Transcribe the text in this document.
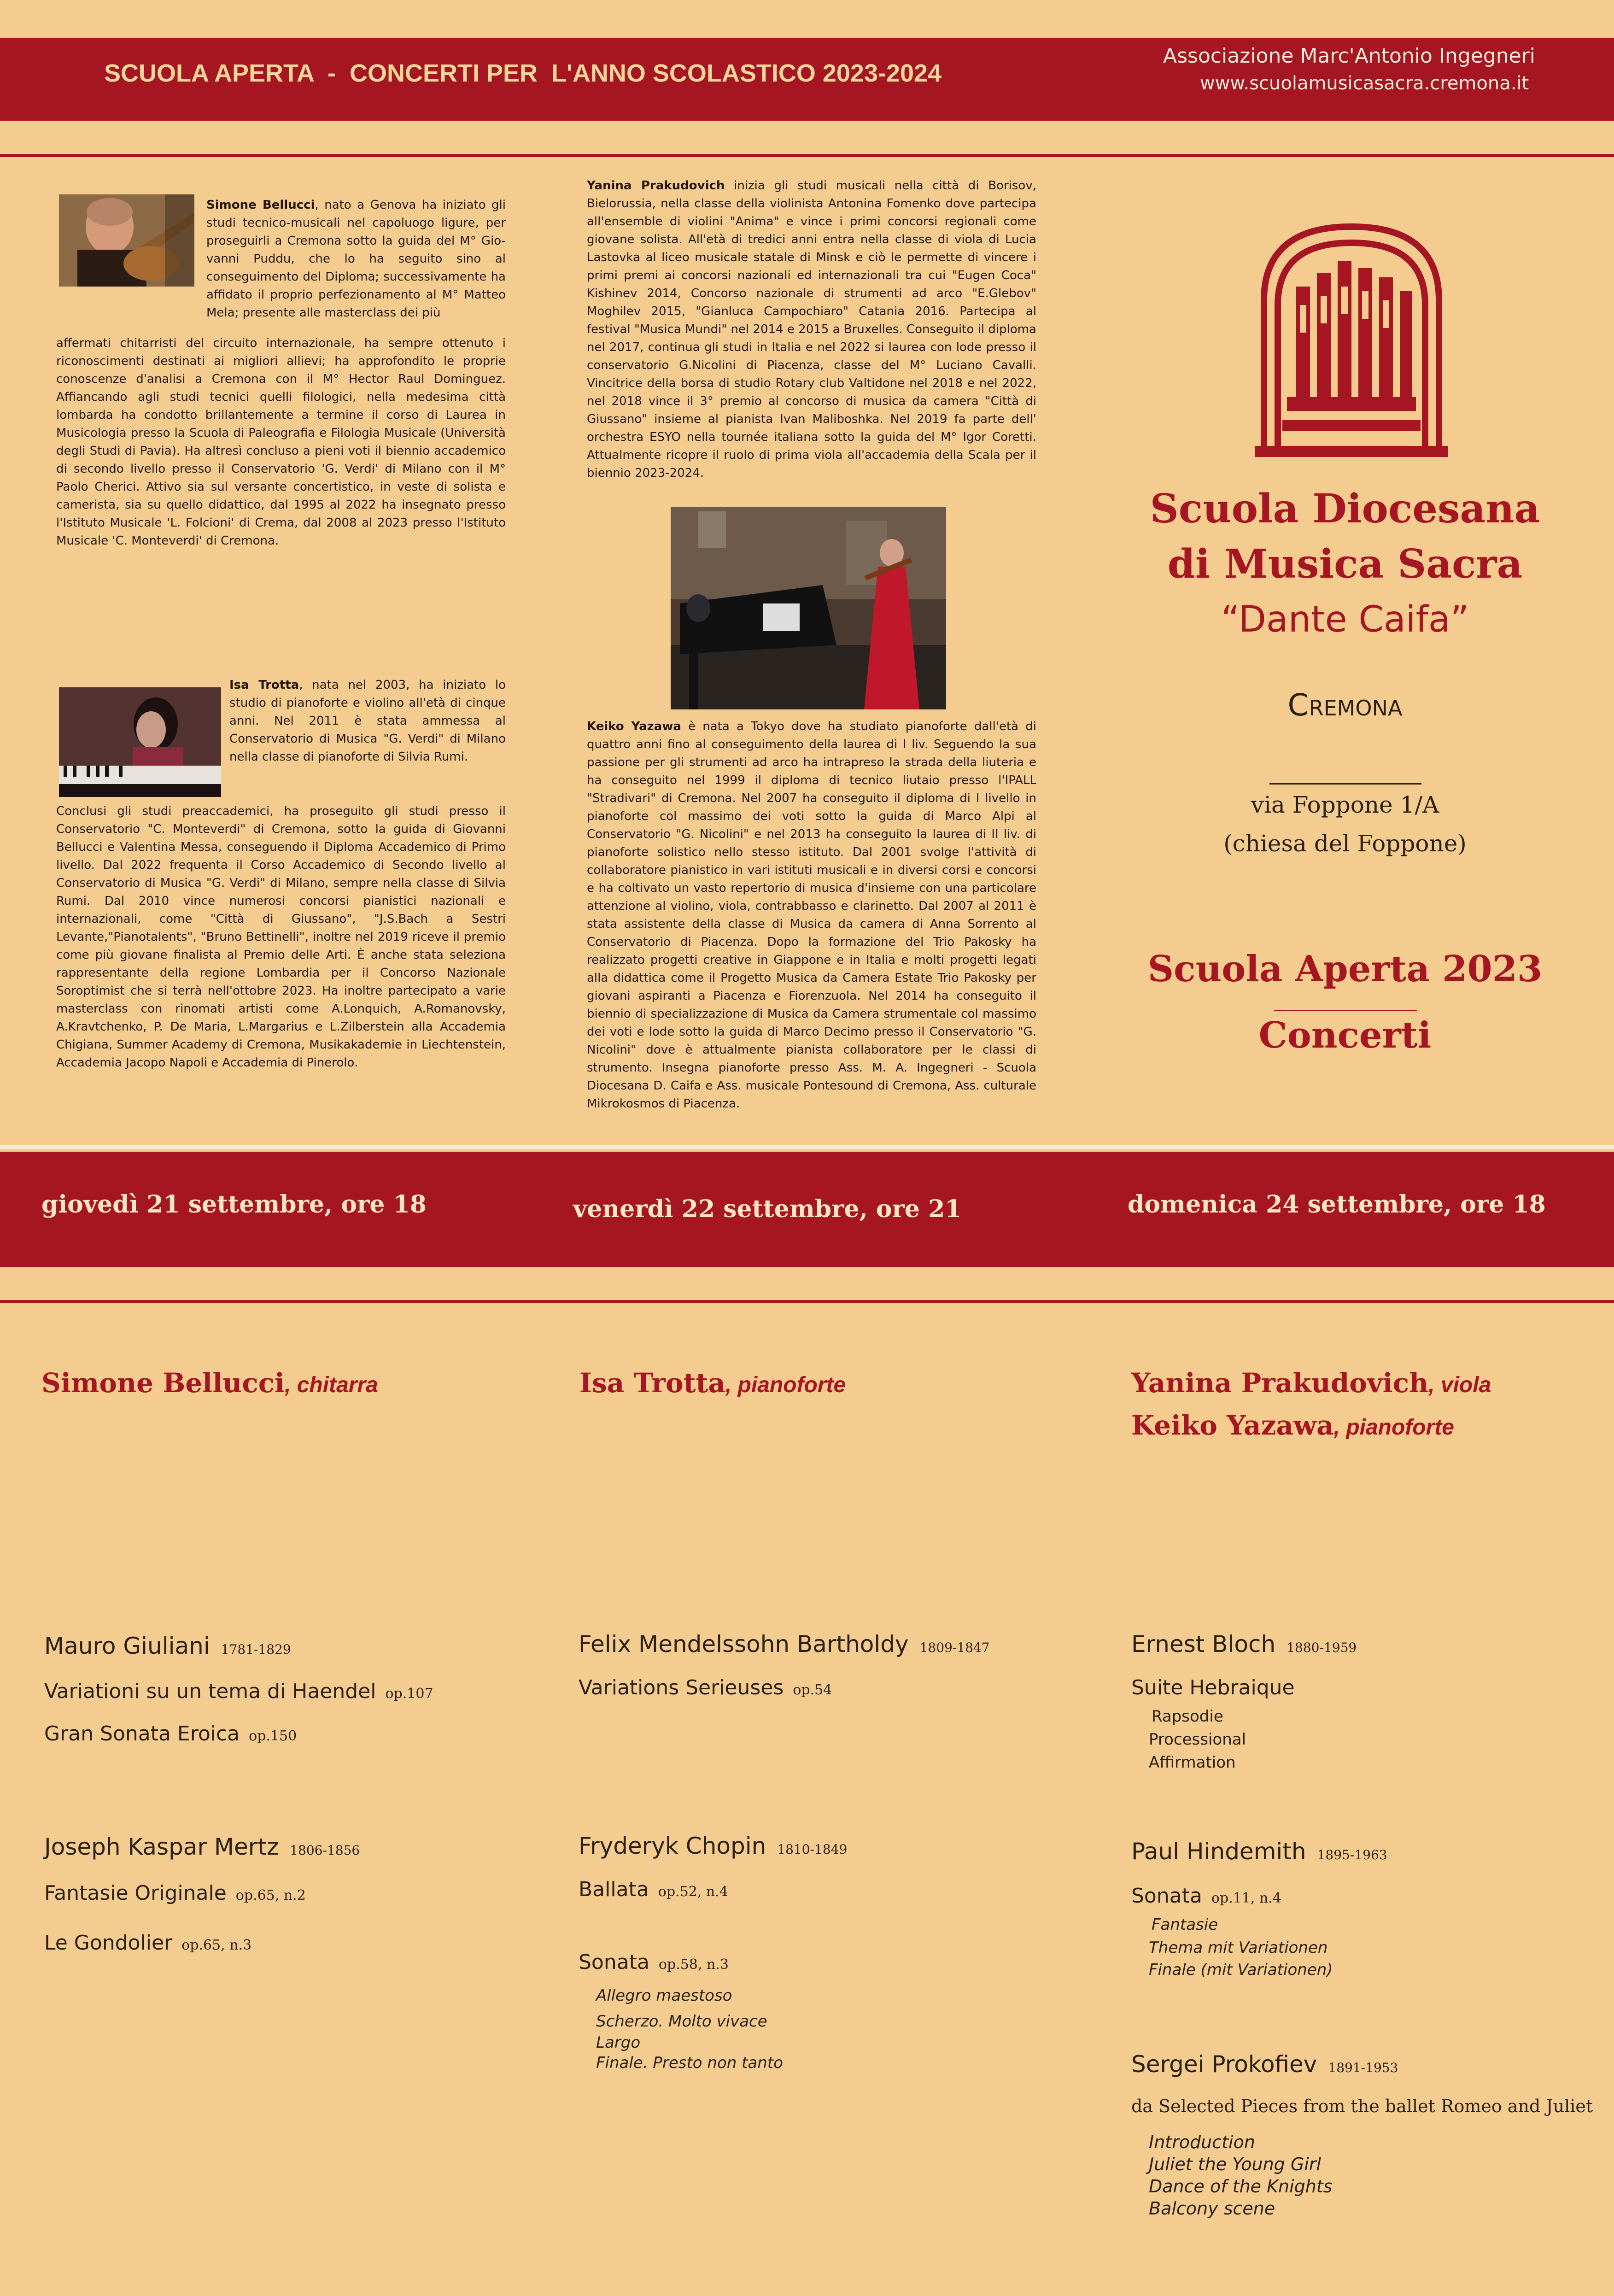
SCUOLA APERTA  -  CONCERTI PER  L'ANNO SCOLASTICO 2023-2024
Associazione Marc'Antonio Ingegneri
www.scuolamusicasacra.cremona.it
Simone Bellucci, nato a Genova ha iniziato gli studi tecnico-musicali nel capoluogo ligure, per proseguirli a Cremona sotto la guida del M° Gio-vanni Puddu, che lo ha seguito sino al conseguimento del Diploma; successivamente ha affidato il proprio perfezionamento al M° Matteo Mela; presente alle masterclass dei più
affermati chitarristi del circuito internazionale, ha sempre ottenuto i riconoscimenti destinati ai migliori allievi; ha approfondito le proprie conoscenze d'analisi a Cremona con il M° Hector Raul Dominguez. Affiancando agli studi tecnici quelli filologici, nella medesima città lombarda ha condotto brillantemente a termine il corso di Laurea in Musicologia presso la Scuola di Paleografia e Filologia Musicale (Università degli Studi di Pavia). Ha altresì concluso a pieni voti il biennio accademico di secondo livello presso il Conservatorio 'G. Verdi' di Milano con il M° Paolo Cherici. Attivo sia sul versante concertistico, in veste di solista e camerista, sia su quello didattico, dal 1995 al 2022 ha insegnato presso l'Istituto Musicale 'L. Folcioni' di Crema, dal 2008 al 2023 presso l'Istituto Musicale 'C. Monteverdi' di Cremona.
Isa Trotta, nata nel 2003, ha iniziato lo studio di pianoforte e violino all'età di cinque anni. Nel 2011 è stata ammessa al Conservatorio di Musica "G. Verdi" di Milano nella classe di pianoforte di Silvia Rumi.
Conclusi gli studi preaccademici, ha proseguito gli studi presso il Conservatorio "C. Monteverdi" di Cremona, sotto la guida di Giovanni Bellucci e Valentina Messa, conseguendo il Diploma Accademico di Primo livello. Dal 2022 frequenta il Corso Accademico di Secondo livello al Conservatorio di Musica "G. Verdi" di Milano, sempre nella classe di Silvia Rumi. Dal 2010 vince numerosi concorsi pianistici nazionali e internazionali, come "Città di Giussano", "J.S.Bach a Sestri Levante,"Pianotalents", "Bruno Bettinelli", inoltre nel 2019 riceve il premio come più giovane finalista al Premio delle Arti. È anche stata seleziona rappresentante della regione Lombardia per il Concorso Nazionale Soroptimist che si terrà nell'ottobre 2023. Ha inoltre partecipato a varie masterclass con rinomati artisti come A.Lonquich, A.Romanovsky, A.Kravtchenko, P. De Maria, L.Margarius e L.Zilberstein alla Accademia Chigiana, Summer Academy di Cremona, Musikakademie in Liechtenstein, Accademia Jacopo Napoli e Accademia di Pinerolo.
Yanina Prakudovich inizia gli studi musicali nella città di Borisov, Bielorussia, nella classe della violinista Antonina Fomenko dove partecipa all'ensemble di violini "Anima" e vince i primi concorsi regionali come giovane solista. All'età di tredici anni entra nella classe di viola di Lucia Lastovka al liceo musicale statale di Minsk e ciò le permette di vincere i primi premi ai concorsi nazionali ed internazionali tra cui "Eugen Coca" Kishinev 2014, Concorso nazionale di strumenti ad arco "E.Glebov" Moghilev 2015, "Gianluca Campochiaro" Catania 2016. Partecipa al festival "Musica Mundi" nel 2014 e 2015 a Bruxelles. Conseguito il diploma nel 2017, continua gli studi in Italia e nel 2022 si laurea con lode presso il conservatorio G.Nicolini di Piacenza, classe del M° Luciano Cavalli. Vincitrice della borsa di studio Rotary club Valtidone nel 2018 e nel 2022, nel 2018 vince il 3° premio al concorso di musica da camera "Città di Giussano" insieme al pianista Ivan Maliboshka. Nel 2019 fa parte dell' orchestra ESYO nella tournée italiana sotto la guida del M° Igor Coretti. Attualmente ricopre il ruolo di prima viola all'accademia della Scala per il biennio 2023-2024.
Keiko Yazawa è nata a Tokyo dove ha studiato pianoforte dall'età di quattro anni fino al conseguimento della laurea di I liv. Seguendo la sua passione per gli strumenti ad arco ha intrapreso la strada della liuteria e ha conseguito nel 1999 il diploma di tecnico liutaio presso l'IPALL "Stradivari" di Cremona. Nel 2007 ha conseguito il diploma di I livello in pianoforte col massimo dei voti sotto la guida di Marco Alpi al Conservatorio "G. Nicolini" e nel 2013 ha conseguito la laurea di II liv. di pianoforte solistico nello stesso istituto. Dal 2001 svolge l'attività di collaboratore pianistico in vari istituti musicali e in diversi corsi e concorsi e ha coltivato un vasto repertorio di musica d'insieme con una particolare attenzione al violino, viola, contrabbasso e clarinetto. Dal 2007 al 2011 è stata assistente della classe di Musica da camera di Anna Sorrento al Conservatorio di Piacenza. Dopo la formazione del Trio Pakosky ha realizzato progetti creative in Giappone e in Italia e molti progetti legati alla didattica come il Progetto Musica da Camera Estate Trio Pakosky per giovani aspiranti a Piacenza e Fiorenzuola. Nel 2014 ha conseguito il biennio di specializzazione di Musica da Camera strumentale col massimo dei voti e lode sotto la guida di Marco Decimo presso il Conservatorio "G. Nicolini" dove è attualmente pianista collaboratore per le classi di strumento. Insegna pianoforte presso Ass. M. A. Ingegneri - Scuola Diocesana D. Caifa e Ass. musicale Pontesound di Cremona, Ass. culturale Mikrokosmos di Piacenza.
Scuola Diocesana
di Musica Sacra
“Dante Caifa”
Cremona
via Foppone 1/A
(chiesa del Foppone)
Scuola Aperta 2023
Concerti
giovedì 21 settembre, ore 18	venerdì 22 settembre, ore 21	domenica 24 settembre, ore 18
Simone Bellucci, chitarra	Isa Trotta, pianoforte	Yanina Prakudovich, viola
Keiko Yazawa, pianoforte
Mauro Giuliani 1781-1829
Variationi su un tema di Haendel op.107
Gran Sonata Eroica op.150
Joseph Kaspar Mertz 1806-1856
Fantasie Originale op.65, n.2
Le Gondolier op.65, n.3
Felix Mendelssohn Bartholdy 1809-1847
Variations Serieuses op.54
Fryderyk Chopin 1810-1849
Ballata op.52, n.4
Sonata op.58, n.3
Allegro maestoso
Scherzo. Molto vivace
Largo
Finale. Presto non tanto
Ernest Bloch 1880-1959
Suite Hebraique
Rapsodie
Processional
Affirmation
Paul Hindemith 1895-1963
Sonata op.11, n.4
Fantasie
Thema mit Variationen
Finale (mit Variationen)
Sergei Prokofiev 1891-1953
da Selected Pieces from the ballet Romeo and Juliet
Introduction
Juliet the Young Girl
Dance of the Knights
Balcony scene
